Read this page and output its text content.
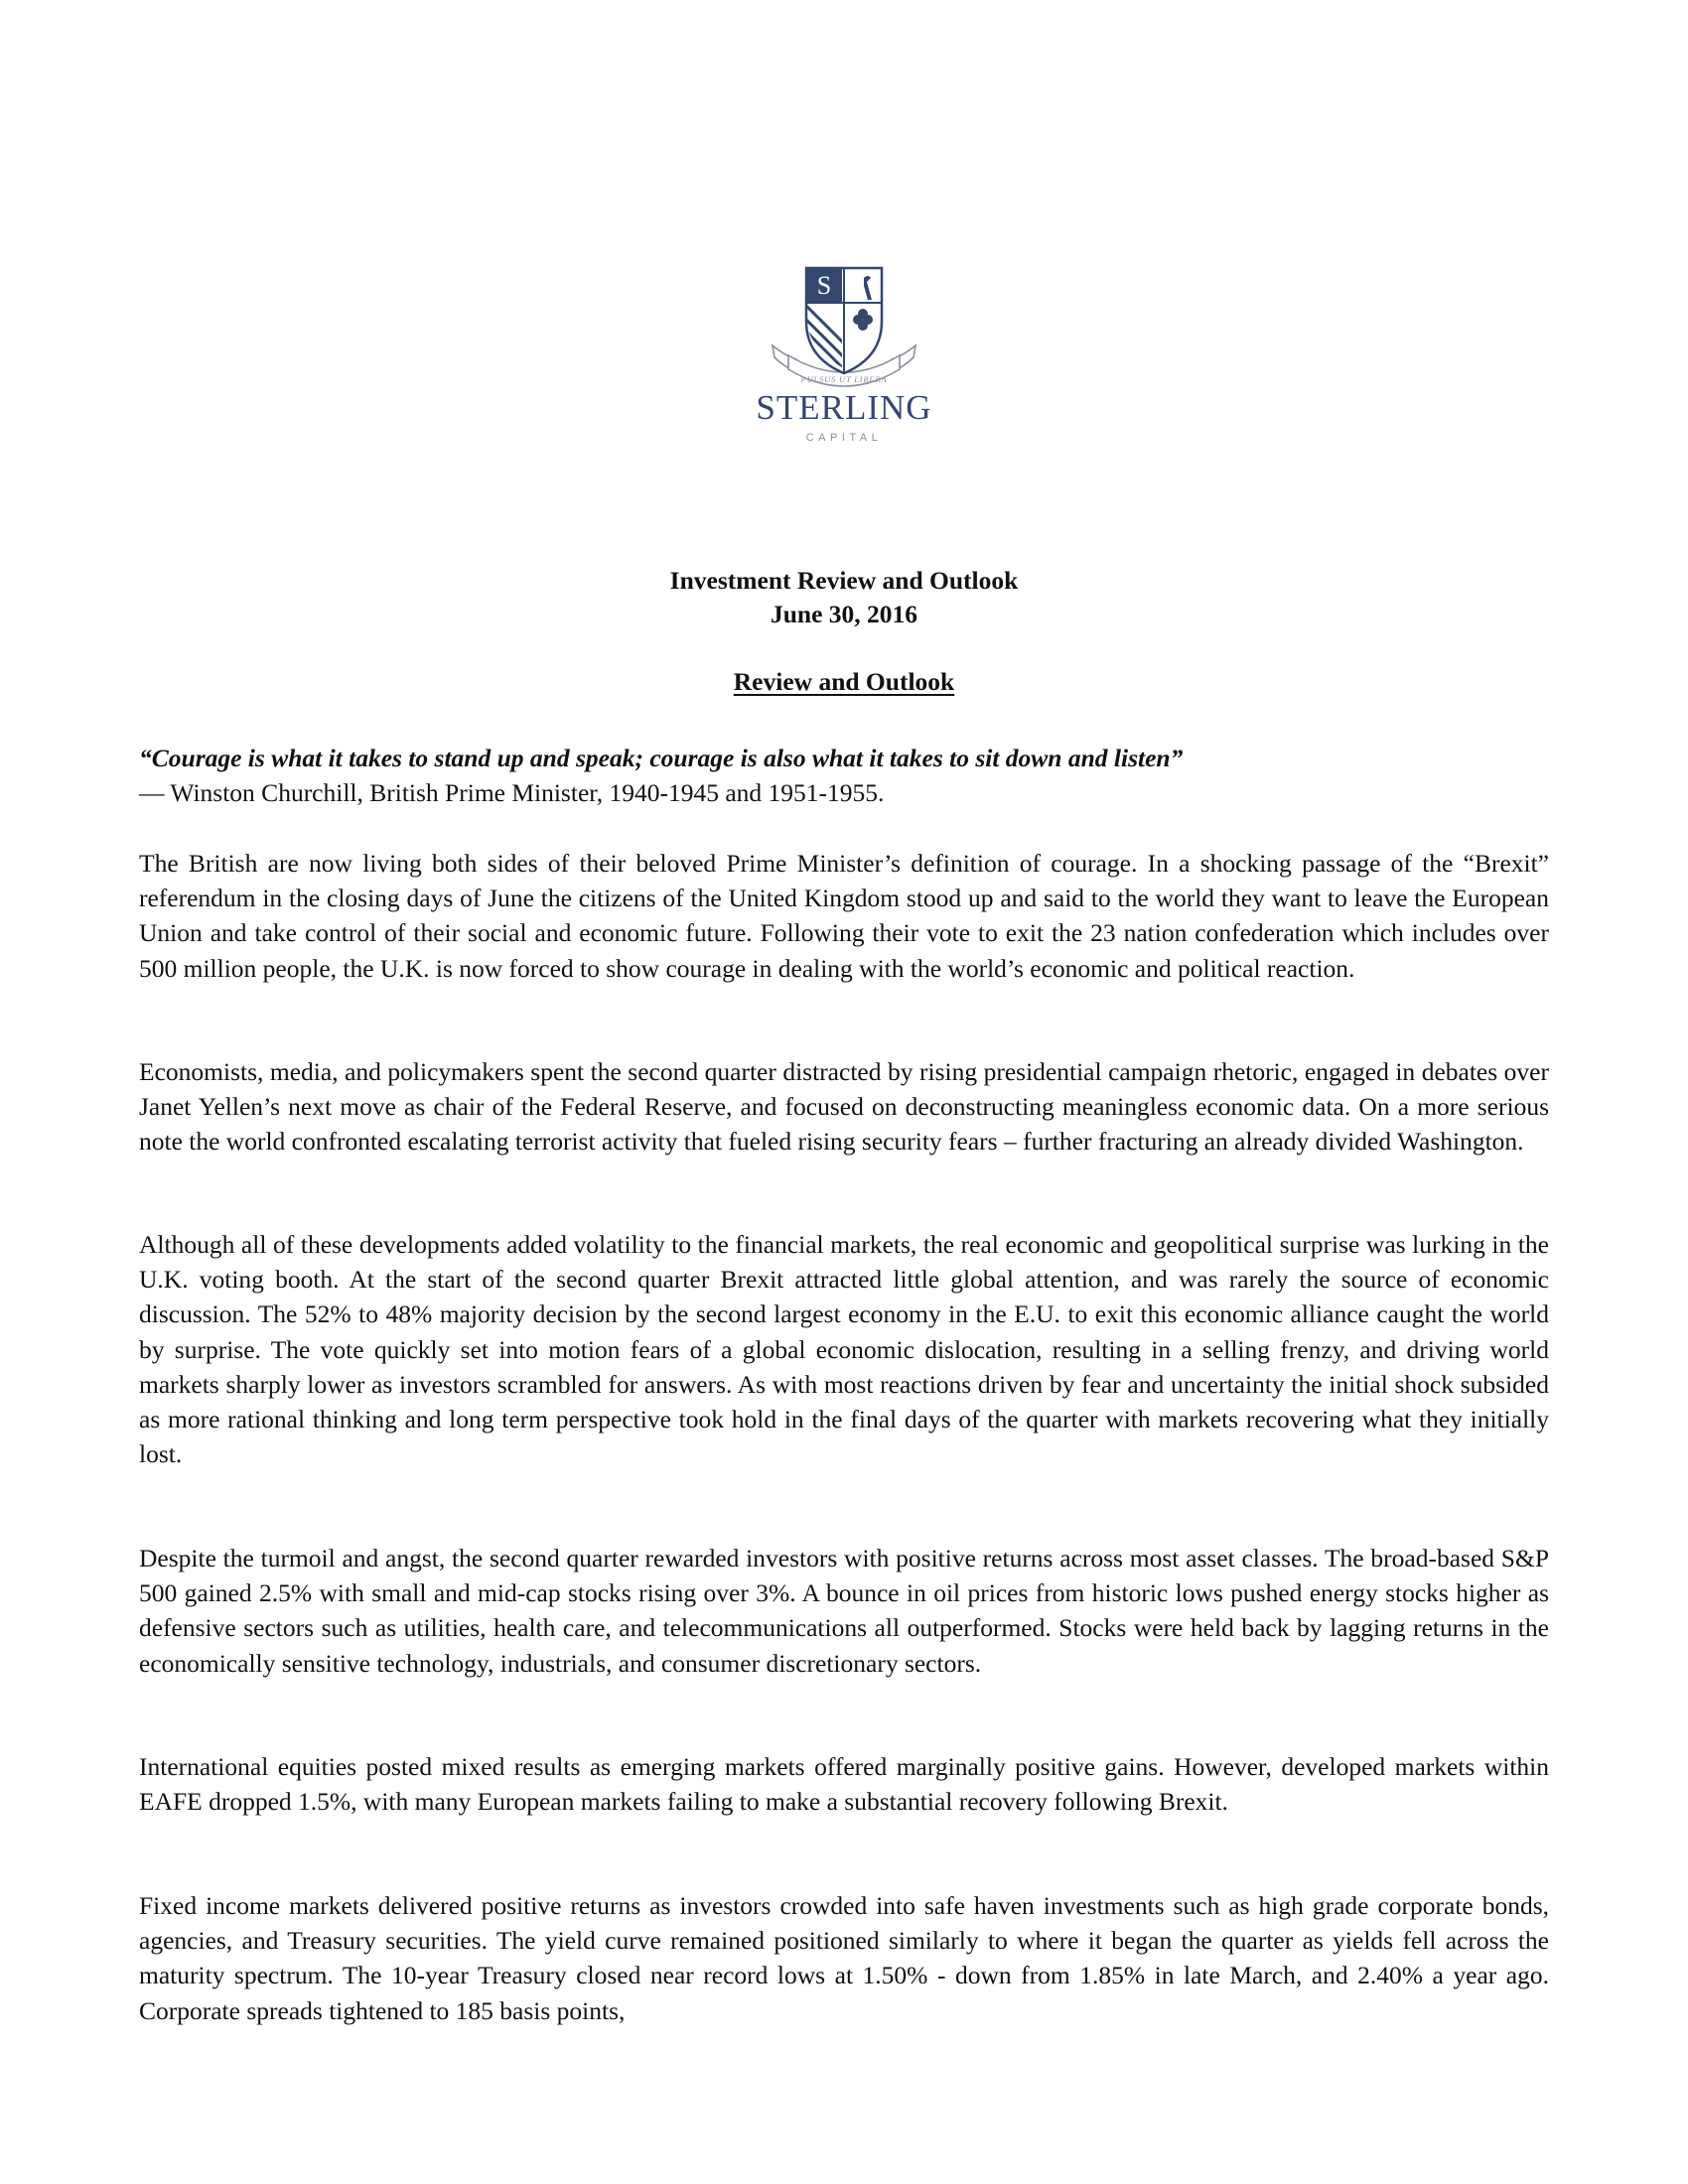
S
PULSUS UT LIBERA
STERLING
CAPITAL
Investment Review and Outlook
June 30, 2016
Review and Outlook
“Courage is what it takes to stand up and speak; courage is also what it takes to sit down and listen”
― Winston Churchill, British Prime Minister, 1940-1945 and 1951-1955.

The British are now living both sides of their beloved Prime Minister’s definition of courage. In a shocking passage of the “Brexit” referendum in the closing days of June the citizens of the United Kingdom stood up and said to the world they want to leave the European Union and take control of their social and economic future. Following their vote to exit the 23 nation confederation which includes over 500 million people, the U.K. is now forced to show courage in dealing with the world’s economic and political reaction.

Economists, media, and policymakers spent the second quarter distracted by rising presidential campaign rhetoric, engaged in debates over Janet Yellen’s next move as chair of the Federal Reserve, and focused on deconstructing meaningless economic data. On a more serious note the world confronted escalating terrorist activity that fueled rising security fears – further fracturing an already divided Washington.

Although all of these developments added volatility to the financial markets, the real economic and geopolitical surprise was lurking in the U.K. voting booth. At the start of the second quarter Brexit attracted little global attention, and was rarely the source of economic discussion. The 52% to 48% majority decision by the second largest economy in the E.U. to exit this economic alliance caught the world by surprise. The vote quickly set into motion fears of a global economic dislocation, resulting in a selling frenzy, and driving world markets sharply lower as investors scrambled for answers. As with most reactions driven by fear and uncertainty the initial shock subsided as more rational thinking and long term perspective took hold in the final days of the quarter with markets recovering what they initially lost.

Despite the turmoil and angst, the second quarter rewarded investors with positive returns across most asset classes. The broad-based S&P 500 gained 2.5% with small and mid-cap stocks rising over 3%. A bounce in oil prices from historic lows pushed energy stocks higher as defensive sectors such as utilities, health care, and telecommunications all outperformed. Stocks were held back by lagging returns in the economically sensitive technology, industrials, and consumer discretionary sectors.

International equities posted mixed results as emerging markets offered marginally positive gains. However, developed markets within EAFE dropped 1.5%, with many European markets failing to make a substantial recovery following Brexit.

Fixed income markets delivered positive returns as investors crowded into safe haven investments such as high grade corporate bonds, agencies, and Treasury securities. The yield curve remained positioned similarly to where it began the quarter as yields fell across the maturity spectrum. The 10-year Treasury closed near record lows at 1.50% - down from 1.85% in late March, and 2.40% a year ago. Corporate spreads tightened to 185 basis points,
